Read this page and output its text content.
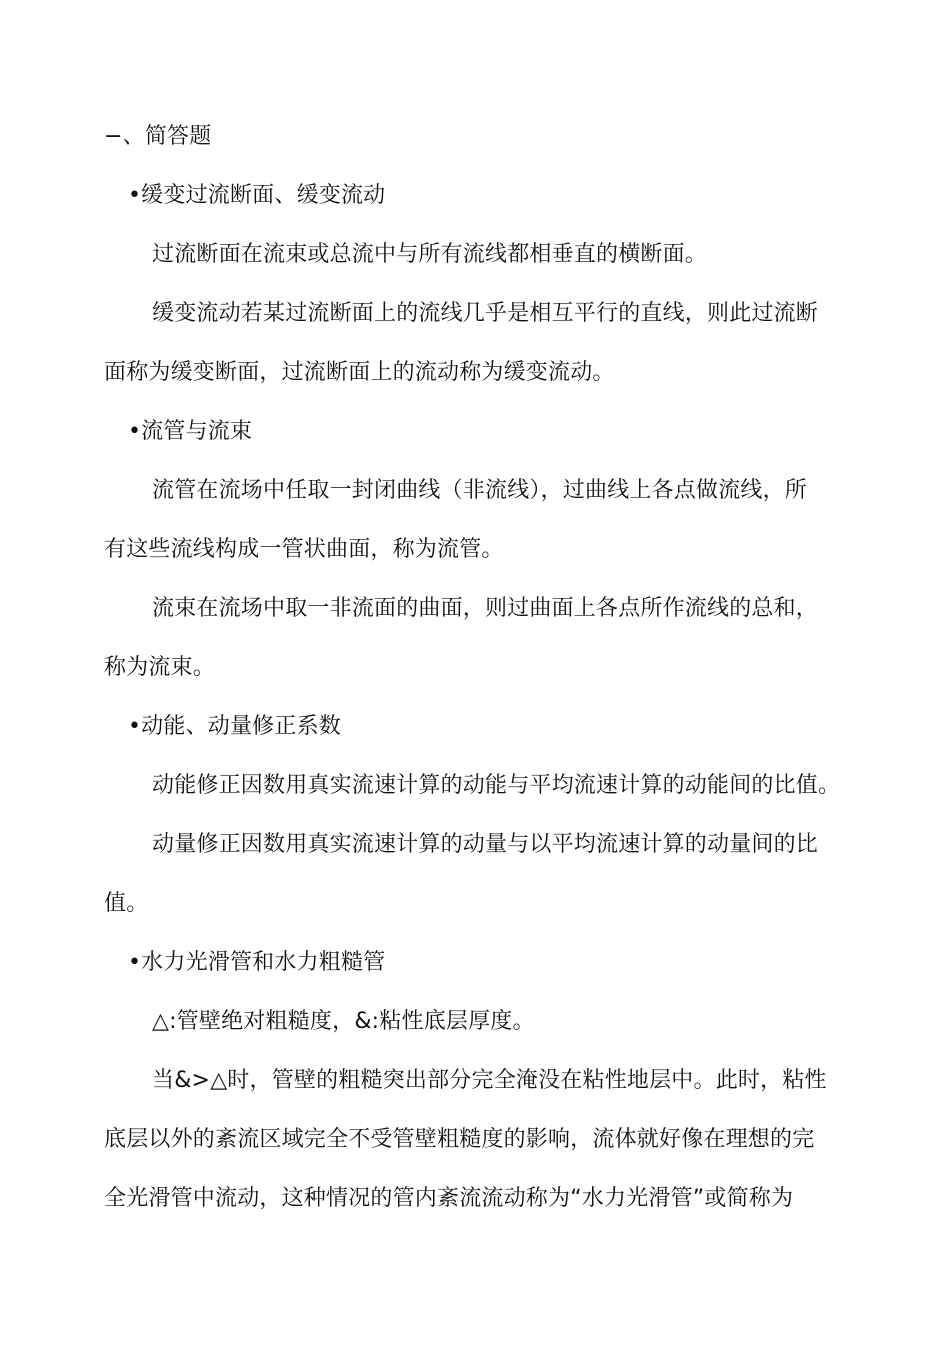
−、简答题
•缓变过流断面、缓变流动
过流断面在流束或总流中与所有流线都相垂直的横断面。
缓变流动若某过流断面上的流线几乎是相互平行的直线，则此过流断
面称为缓变断面，过流断面上的流动称为缓变流动。
•流管与流束
流管在流场中任取一封闭曲线（非流线），过曲线上各点做流线，所
有这些流线构成一管状曲面，称为流管。
流束在流场中取一非流面的曲面，则过曲面上各点所作流线的总和，
称为流束。
•动能、动量修正系数
动能修正因数用真实流速计算的动能与平均流速计算的动能间的比值。
动量修正因数用真实流速计算的动量与以平均流速计算的动量间的比
值。
•水力光滑管和水力粗糙管
△:管壁绝对粗糙度，&:粘性底层厚度。
当&>△时，管壁的粗糙突出部分完全淹没在粘性地层中。此时，粘性
底层以外的紊流区域完全不受管壁粗糙度的影响，流体就好像在理想的完
全光滑管中流动，这种情况的管内紊流流动称为“水力光滑管”或简称为
